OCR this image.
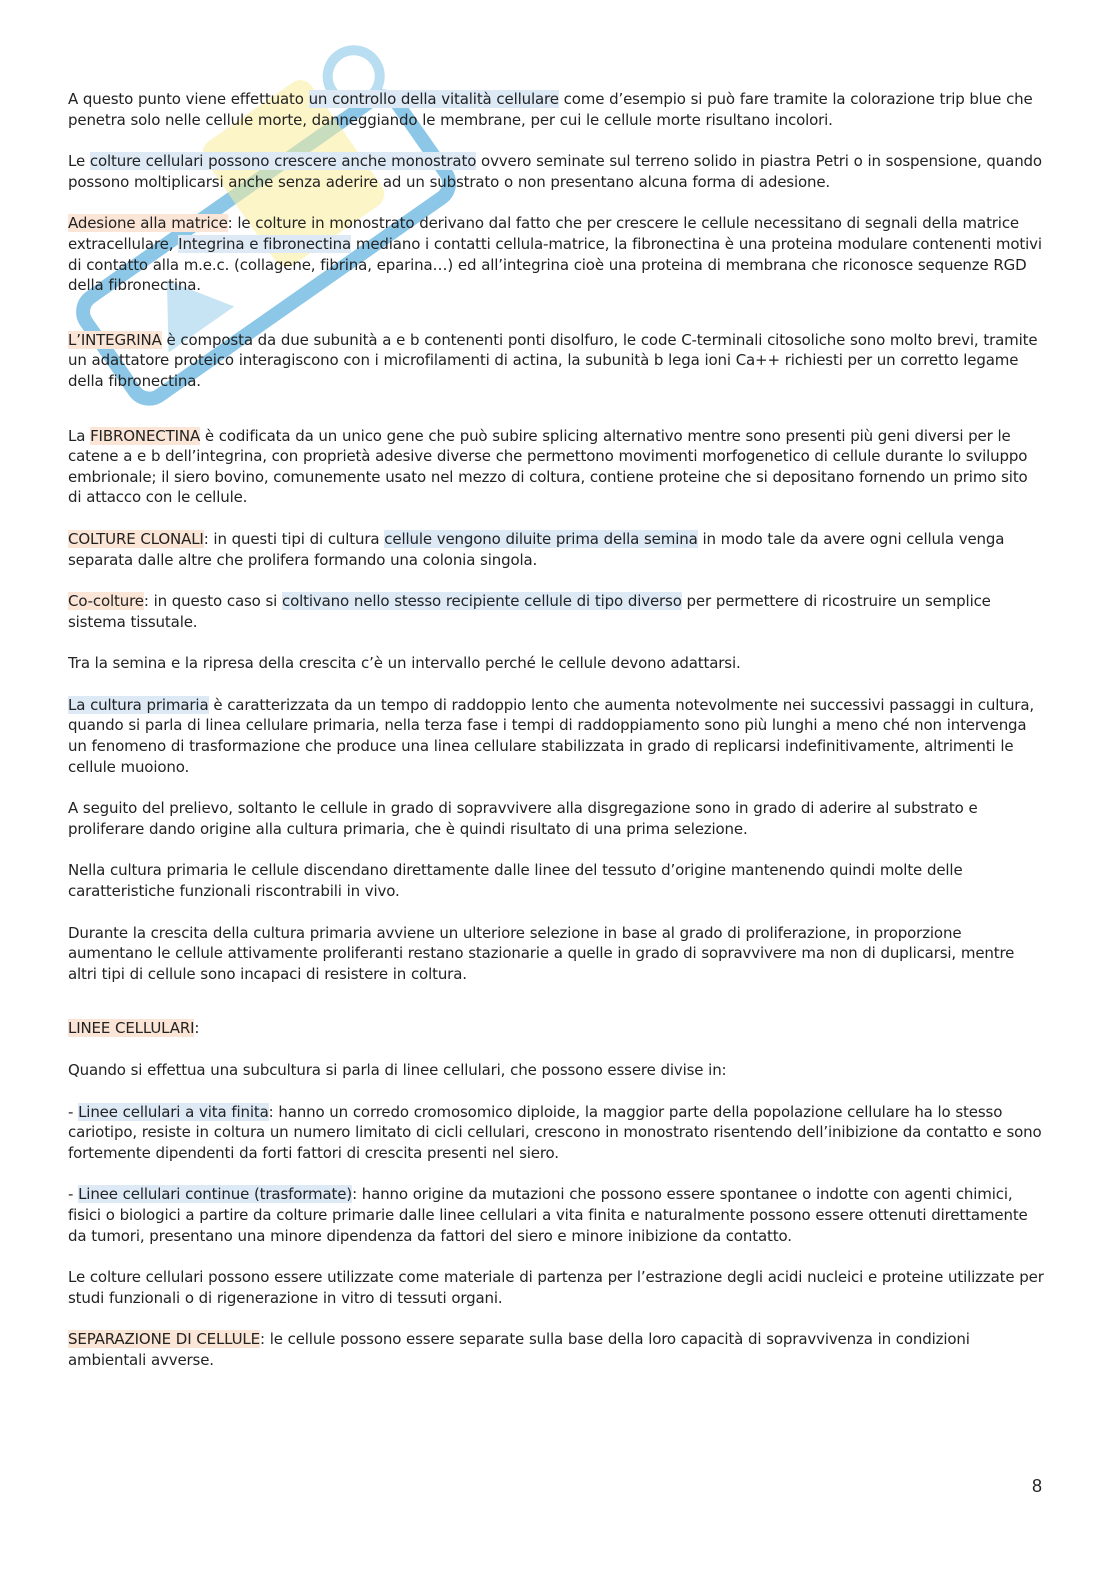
A questo punto viene effettuato un controllo della vitalità cellulare come d’esempio si può fare tramite la colorazione trip blue che penetra solo nelle cellule morte, danneggiando le membrane, per cui le cellule morte risultano incolori.

Le colture cellulari possono crescere anche monostrato ovvero seminate sul terreno solido in piastra Petri o in sospensione, quando possono moltiplicarsi anche senza aderire ad un substrato o non presentano alcuna forma di adesione.

Adesione alla matrice: le colture in monostrato derivano dal fatto che per crescere le cellule necessitano di segnali della matrice extracellulare, Integrina e fibronectina mediano i contatti cellula-matrice, la fibronectina è una proteina modulare contenenti motivi di contatto alla m.e.c. (collagene, fibrina, eparina…) ed all’integrina cioè una proteina di membrana che riconosce sequenze RGD della fibronectina.

L’INTEGRINA è composta da due subunità a e b contenenti ponti disolfuro, le code C-terminali citosoliche sono molto brevi, tramite un adattatore proteico interagiscono con i microfilamenti di actina, la subunità b lega ioni Ca++ richiesti per un corretto legame della fibronectina.

La FIBRONECTINA è codificata da un unico gene che può subire splicing alternativo mentre sono presenti più geni diversi per le catene a e b dell’integrina, con proprietà adesive diverse che permettono movimenti morfogenetico di cellule durante lo sviluppo embrionale; il siero bovino, comunemente usato nel mezzo di coltura, contiene proteine che si depositano fornendo un primo sito di attacco con le cellule.

COLTURE CLONALI: in questi tipi di cultura cellule vengono diluite prima della semina in modo tale da avere ogni cellula venga separata dalle altre che prolifera formando una colonia singola.

Co-colture: in questo caso si coltivano nello stesso recipiente cellule di tipo diverso per permettere di ricostruire un semplice sistema tissutale.

Tra la semina e la ripresa della crescita c’è un intervallo perché le cellule devono adattarsi.

La cultura primaria è caratterizzata da un tempo di raddoppio lento che aumenta notevolmente nei successivi passaggi in cultura, quando si parla di linea cellulare primaria, nella terza fase i tempi di raddoppiamento sono più lunghi a meno ché non intervenga un fenomeno di trasformazione che produce una linea cellulare stabilizzata in grado di replicarsi indefinitivamente, altrimenti le cellule muoiono.

A seguito del prelievo, soltanto le cellule in grado di sopravvivere alla disgregazione sono in grado di aderire al substrato e proliferare dando origine alla cultura primaria, che è quindi risultato di una prima selezione.

Nella cultura primaria le cellule discendano direttamente dalle linee del tessuto d’origine mantenendo quindi molte delle caratteristiche funzionali riscontrabili in vivo.

Durante la crescita della cultura primaria avviene un ulteriore selezione in base al grado di proliferazione, in proporzione aumentano le cellule attivamente proliferanti restano stazionarie a quelle in grado di sopravvivere ma non di duplicarsi, mentre altri tipi di cellule sono incapaci di resistere in coltura.

LINEE CELLULARI:

Quando si effettua una subcultura si parla di linee cellulari, che possono essere divise in:

- Linee cellulari a vita finita: hanno un corredo cromosomico diploide, la maggior parte della popolazione cellulare ha lo stesso cariotipo, resiste in coltura un numero limitato di cicli cellulari, crescono in monostrato risentendo dell’inibizione da contatto e sono fortemente dipendenti da forti fattori di crescita presenti nel siero.

- Linee cellulari continue (trasformate): hanno origine da mutazioni che possono essere spontanee o indotte con agenti chimici, fisici o biologici a partire da colture primarie dalle linee cellulari a vita finita e naturalmente possono essere ottenuti direttamente da tumori, presentano una minore dipendenza da fattori del siero e minore inibizione da contatto.

Le colture cellulari possono essere utilizzate come materiale di partenza per l’estrazione degli acidi nucleici e proteine utilizzate per studi funzionali o di rigenerazione in vitro di tessuti organi.

SEPARAZIONE DI CELLULE: le cellule possono essere separate sulla base della loro capacità di sopravvivenza in condizioni ambientali avverse.

8
